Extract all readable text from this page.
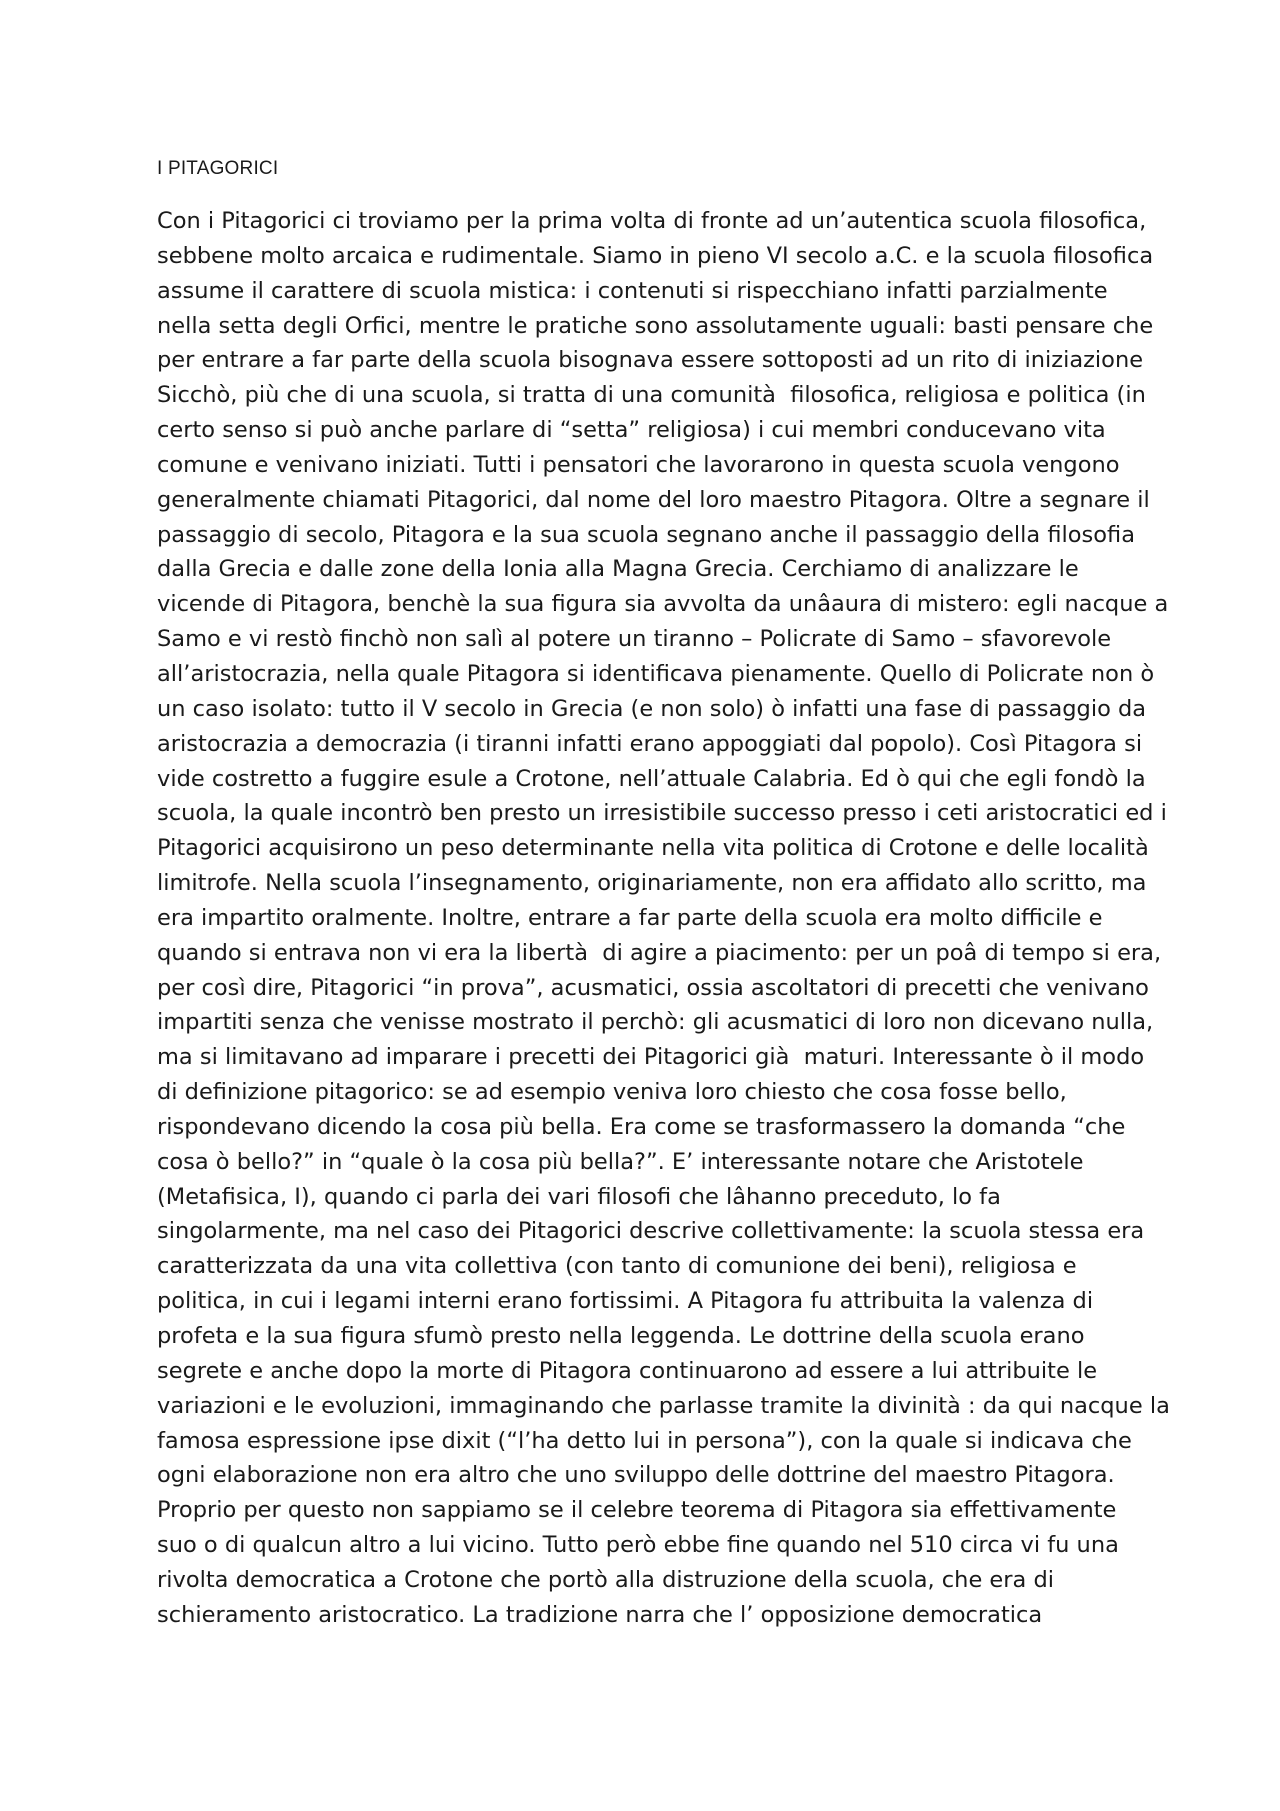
I PITAGORICI
Con i Pitagorici ci troviamo per la prima volta di fronte ad un’autentica scuola filosofica,
sebbene molto arcaica e rudimentale. Siamo in pieno VI secolo a.C. e la scuola filosofica
assume il carattere di scuola mistica: i contenuti si rispecchiano infatti parzialmente
nella setta degli Orfici, mentre le pratiche sono assolutamente uguali: basti pensare che
per entrare a far parte della scuola bisognava essere sottoposti ad un rito di iniziazione
Sicchò, più che di una scuola, si tratta di una comunità  filosofica, religiosa e politica (in
certo senso si può anche parlare di “setta” religiosa) i cui membri conducevano vita
comune e venivano iniziati. Tutti i pensatori che lavorarono in questa scuola vengono
generalmente chiamati Pitagorici, dal nome del loro maestro Pitagora. Oltre a segnare il
passaggio di secolo, Pitagora e la sua scuola segnano anche il passaggio della filosofia
dalla Grecia e dalle zone della Ionia alla Magna Grecia. Cerchiamo di analizzare le
vicende di Pitagora, benchè la sua figura sia avvolta da unâaura di mistero: egli nacque a
Samo e vi restò finchò non salì al potere un tiranno – Policrate di Samo – sfavorevole
all’aristocrazia, nella quale Pitagora si identificava pienamente. Quello di Policrate non ò
un caso isolato: tutto il V secolo in Grecia (e non solo) ò infatti una fase di passaggio da
aristocrazia a democrazia (i tiranni infatti erano appoggiati dal popolo). Così Pitagora si
vide costretto a fuggire esule a Crotone, nell’attuale Calabria. Ed ò qui che egli fondò la
scuola, la quale incontrò ben presto un irresistibile successo presso i ceti aristocratici ed i
Pitagorici acquisirono un peso determinante nella vita politica di Crotone e delle località
limitrofe. Nella scuola l’insegnamento, originariamente, non era affidato allo scritto, ma
era impartito oralmente. Inoltre, entrare a far parte della scuola era molto difficile e
quando si entrava non vi era la libertà  di agire a piacimento: per un poâ di tempo si era,
per così dire, Pitagorici “in prova”, acusmatici, ossia ascoltatori di precetti che venivano
impartiti senza che venisse mostrato il perchò: gli acusmatici di loro non dicevano nulla,
ma si limitavano ad imparare i precetti dei Pitagorici già  maturi. Interessante ò il modo
di definizione pitagorico: se ad esempio veniva loro chiesto che cosa fosse bello,
rispondevano dicendo la cosa più bella. Era come se trasformassero la domanda “che
cosa ò bello?” in “quale ò la cosa più bella?”. E’ interessante notare che Aristotele
(Metafisica, I), quando ci parla dei vari filosofi che lâhanno preceduto, lo fa
singolarmente, ma nel caso dei Pitagorici descrive collettivamente: la scuola stessa era
caratterizzata da una vita collettiva (con tanto di comunione dei beni), religiosa e
politica, in cui i legami interni erano fortissimi. A Pitagora fu attribuita la valenza di
profeta e la sua figura sfumò presto nella leggenda. Le dottrine della scuola erano
segrete e anche dopo la morte di Pitagora continuarono ad essere a lui attribuite le
variazioni e le evoluzioni, immaginando che parlasse tramite la divinità : da qui nacque la
famosa espressione ipse dixit (“l’ha detto lui in persona”), con la quale si indicava che
ogni elaborazione non era altro che uno sviluppo delle dottrine del maestro Pitagora.
Proprio per questo non sappiamo se il celebre teorema di Pitagora sia effettivamente
suo o di qualcun altro a lui vicino. Tutto però ebbe fine quando nel 510 circa vi fu una
rivolta democratica a Crotone che portò alla distruzione della scuola, che era di
schieramento aristocratico. La tradizione narra che l’ opposizione democratica
